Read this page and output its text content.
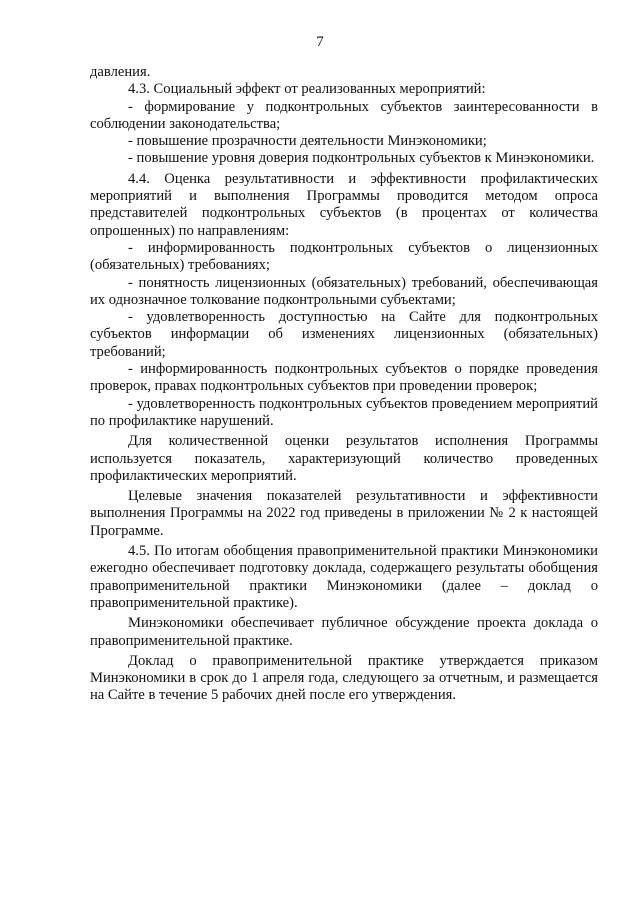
7

давления.

4.3. Социальный эффект от реализованных мероприятий:

- формирование у подконтрольных субъектов заинтересованности в соблюдении законодательства;

- повышение прозрачности деятельности Минэкономики;

- повышение уровня доверия подконтрольных субъектов к Минэкономики.

4.4. Оценка результативности и эффективности профилактических мероприятий и выполнения Программы проводится методом опроса представителей подконтрольных субъектов (в процентах от количества опрошенных) по направлениям:

- информированность подконтрольных субъектов о лицензионных (обязательных) требованиях;

- понятность лицензионных (обязательных) требований, обеспечивающая их однозначное толкование подконтрольными субъектами;

- удовлетворенность доступностью на Сайте для подконтрольных субъектов информации об изменениях лицензионных (обязательных) требований;

- информированность подконтрольных субъектов о порядке проведения проверок, правах подконтрольных субъектов при проведении проверок;

- удовлетворенность подконтрольных субъектов проведением мероприятий по профилактике нарушений.

Для количественной оценки результатов исполнения Программы используется показатель, характеризующий количество проведенных профилактических мероприятий.

Целевые значения показателей результативности и эффективности выполнения Программы на 2022 год приведены в приложении № 2 к настоящей Программе.

4.5. По итогам обобщения правоприменительной практики Минэкономики ежегодно обеспечивает подготовку доклада, содержащего результаты обобщения правоприменительной практики Минэкономики (далее – доклад о правоприменительной практике).

Минэкономики обеспечивает публичное обсуждение проекта доклада о правоприменительной практике.

Доклад о правоприменительной практике утверждается приказом Минэкономики в срок до 1 апреля года, следующего за отчетным, и размещается на Сайте в течение 5 рабочих дней после его утверждения.
